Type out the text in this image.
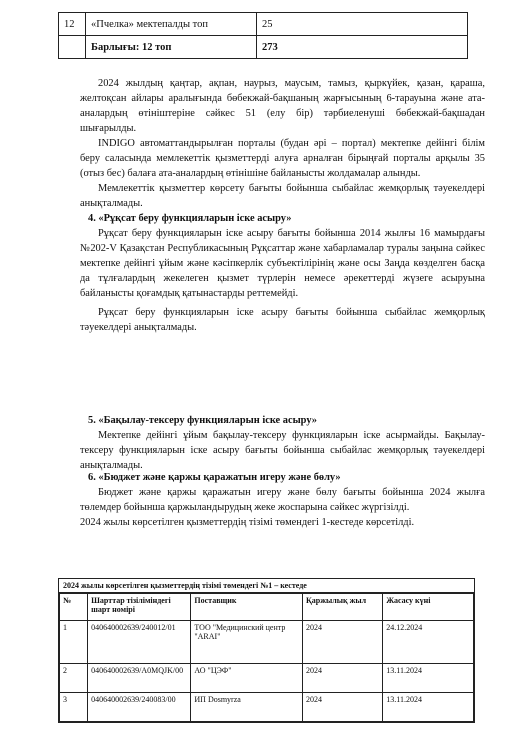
12	«Пчелка» мектепалды топ	25
	Барлығы: 12 топ	273

2024 жылдың қаңтар, ақпан, наурыз, маусым, тамыз, қыркүйек, қазан, қараша, желтоқсан айлары аралығында бөбекжай-бақшаның жарғысының 6-тарауына және ата-аналардың өтініштеріне сәйкес 51 (елу бір) тәрбиеленуші бөбекжай-бақшадан шығарылды.

INDIGO автоматтандырылған порталы (будан әрі – портал) мектепке дейінгі білім беру саласында мемлекеттік қызметтерді алуға арналған бірыңғай порталы арқылы 35 (отыз бес) балаға ата-аналардың өтінішіне байланысты жолдамалар алынды.

Мемлекеттік қызметтер көрсету бағыты бойынша сыбайлас жемқорлық тәуекелдері анықталмады.

4. «Рұқсат беру функцияларын іске асыру»

Рұқсат беру функцияларын іске асыру бағыты бойынша 2014 жылғы 16 мамырдағы №202-V Қазақстан Республикасының Рұқсаттар және хабарламалар туралы заңына сәйкес мектепке дейінгі ұйым және кәсіпкерлік субъектілірінің және осы Заңда көзделген басқа да тұлғалардың жекелеген қызмет түрлерін немесе әрекеттерді жүзеге асыруына байланысты қоғамдық қатынастарды реттемейді.

Рұқсат беру функцияларын іске асыру бағыты бойынша сыбайлас жемқорлық тәуекелдері анықталмады.

5. «Бақылау-тексеру функцияларын іске асыру»

Мектепке дейінгі ұйым бақылау-тексеру функцияларын іске асырмайды. Бақылау-тексеру функцияларын іске асыру бағыты бойынша сыбайлас жемқорлық тәуекелдері анықталмады.

6. «Бюджет және қаржы қаражатын игеру және бөлу»

Бюджет және қаржы қаражатын игеру және бөлу бағыты бойынша 2024 жылға төлемдер бойынша қаржыландырудың жеке жоспарына сәйкес жүргізілді.

2024 жылы көрсетілген қызметтердің тізімі төмендегі 1-кестеде көрсетілді.

2024 жылы көрсетілген қызметтердің тізімі төмендегі №1 – кестеде
№	Шарттар тізіліміндегі шарт номірі	Поставщик	Қаржылық жыл	Жасасу күні
1	040640002639/240012/01	ТОО "Медицинский центр "ARAI"	2024	24.12.2024
2	040640002639/A0MQJK/00	АО "ЦЭФ"	2024	13.11.2024
3	040640002639/240083/00	ИП Dosmyrza	2024	13.11.2024
